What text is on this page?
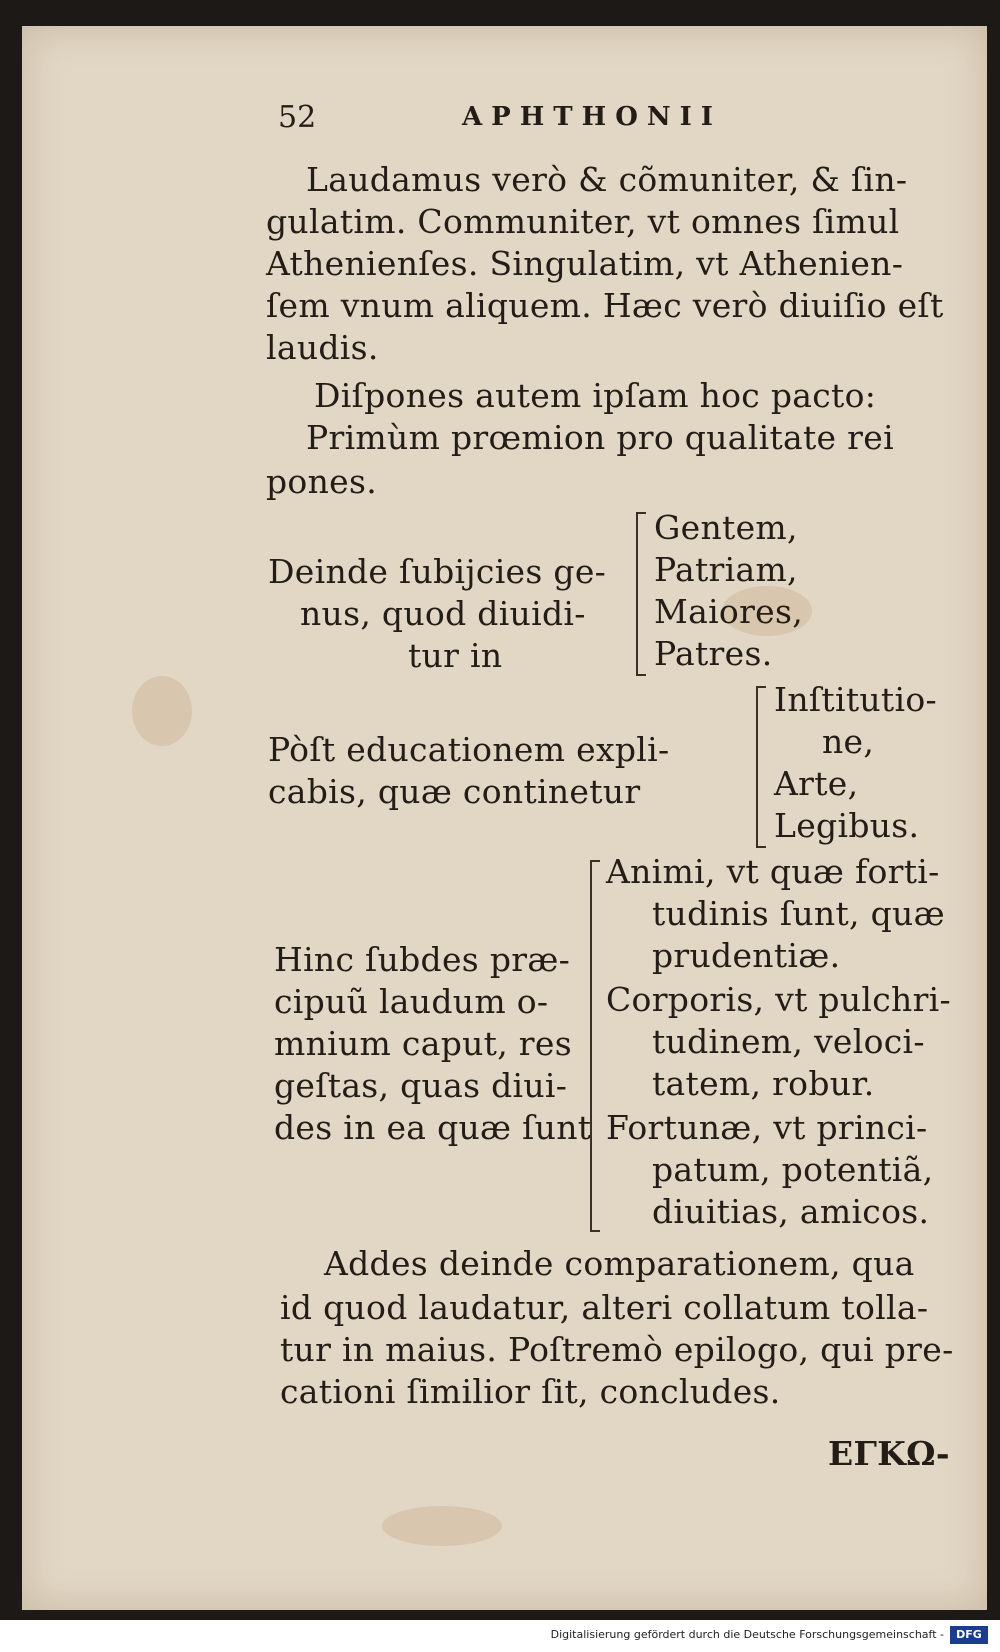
52	APHTHONII
Laudamus verò & cõmuniter, & ſin-
gulatim. Communiter, vt omnes ſimul
Athenienſes. Singulatim, vt Athenien-
ſem vnum aliquem. Hæc verò diuiſio eſt
laudis.
Diſpones autem ipſam hoc pacto:
Primùm prœmion pro qualitate rei
pones.
Deinde ſubijcies ge-
nus, quod diuidi-
tur in
Gentem,
Patriam,
Maiores,
Patres.
Pòſt educationem expli-
cabis, quæ continetur
Inſtitutio-
ne,
Arte,
Legibus.
Hinc ſubdes præ-
cipuũ laudum o-
mnium caput, res
geſtas, quas diui-
des in ea quæ ſunt
Animi, vt quæ forti-
tudinis ſunt, quæ
prudentiæ.
Corporis, vt pulchri-
tudinem, veloci-
tatem, robur.
Fortunæ, vt princi-
patum, potentiã,
diuitias, amicos.
Addes deinde comparationem, qua
id quod laudatur, alteri collatum tolla-
tur in maius. Poſtremò epilogo, qui pre-
cationi ſimilior ſit, concludes.
ΕΓΚΩ-
Digitalisierung gefördert durch die Deutsche Forschungsgemeinschaft -	DFG
